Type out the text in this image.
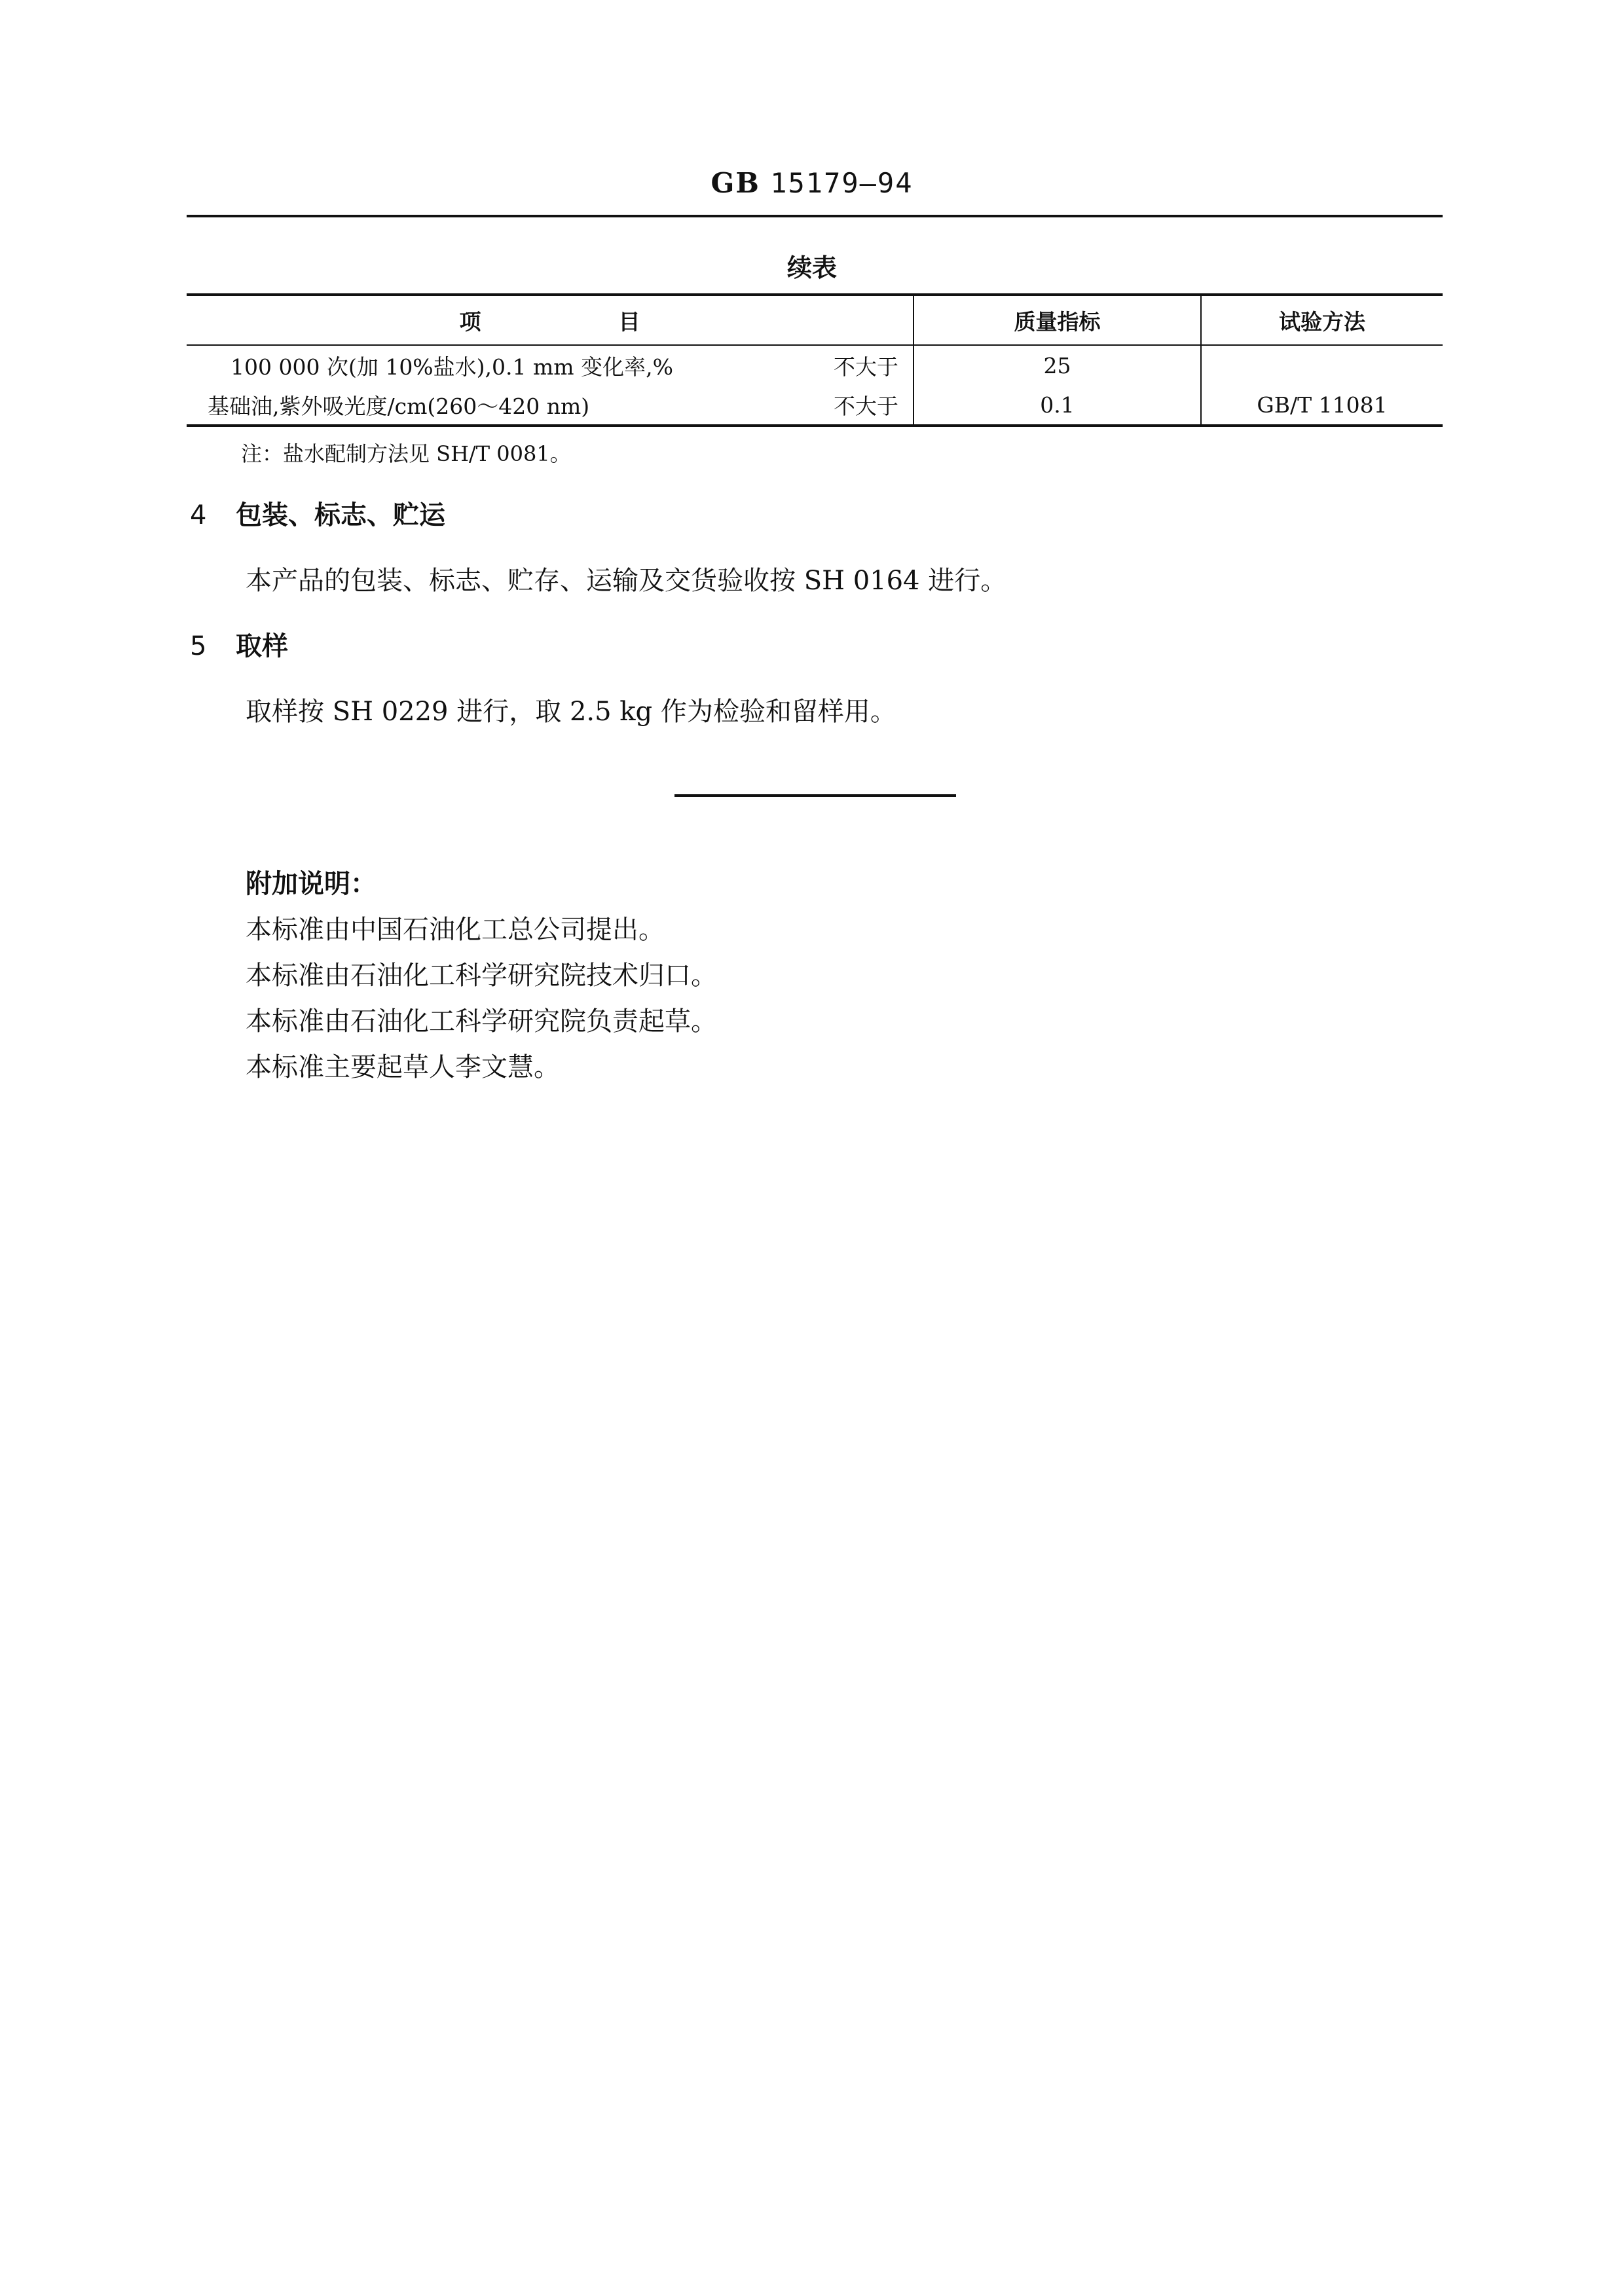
GB 15179—94
续表
项 目	质量指标	试验方法

100 000 次(加 10%盐水),0.1 mm 变化率,% 不大于	25	

基础油,紫外吸光度/cm(260～420 nm) 不大于	0.1	GB/T 11081
注：盐水配制方法见 SH/T 0081。
4 包装、标志、贮运
本产品的包装、标志、贮存、运输及交货验收按 SH 0164 进行。
5 取样
取样按 SH 0229 进行，取 2.5 kg 作为检验和留样用。
附加说明：
本标准由中国石油化工总公司提出。
本标准由石油化工科学研究院技术归口。
本标准由石油化工科学研究院负责起草。
本标准主要起草人李文慧。
